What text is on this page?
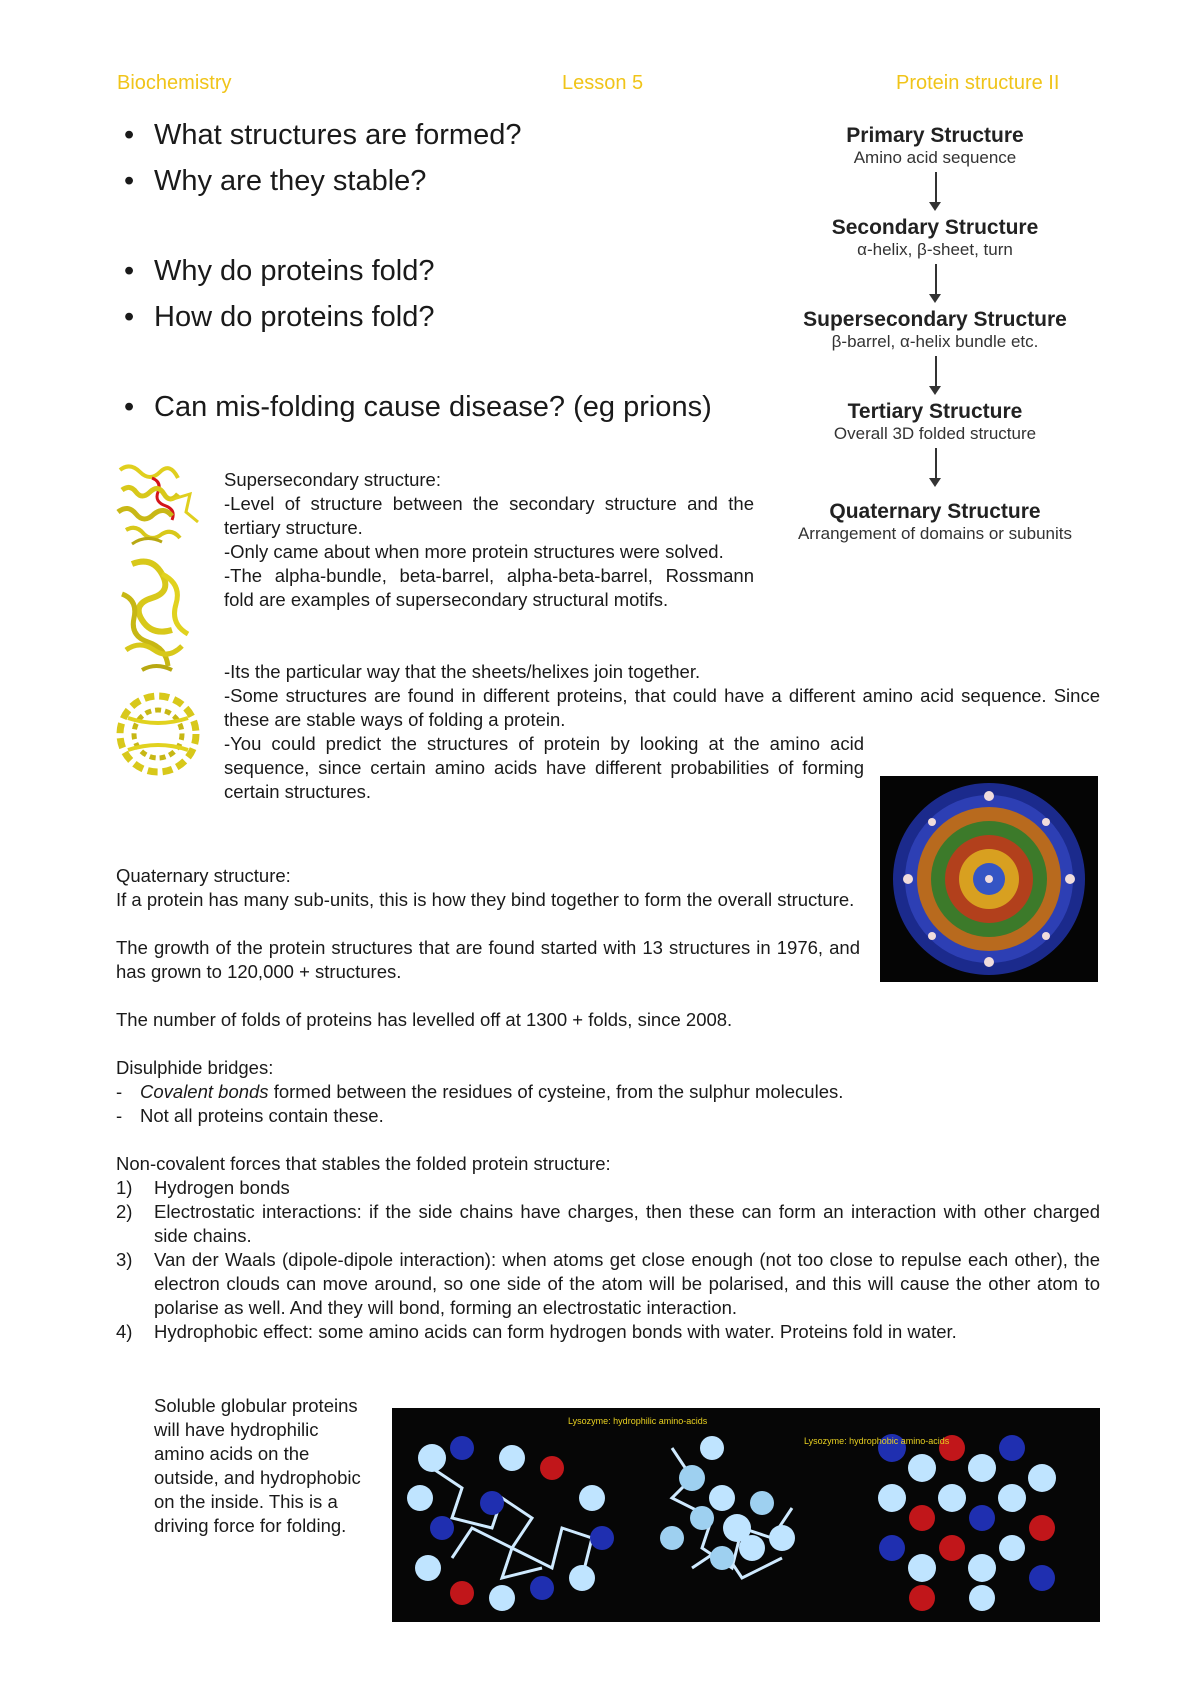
Biochemistry	Lesson 5	Protein structure II
• What structures are formed?
• Why are they stable?
• Why do proteins fold?
• How do proteins fold?
• Can mis-folding cause disease? (eg prions)
Primary Structure
Amino acid sequence
Secondary Structure
α-helix, β-sheet, turn
Supersecondary Structure
β-barrel, α-helix bundle etc.
Tertiary Structure
Overall 3D folded structure
Quaternary Structure
Arrangement of domains or subunits

Supersecondary structure:

-Level of structure between the secondary structure and the tertiary structure.

-Only came about when more protein structures were solved.

-The alpha-bundle, beta-barrel, alpha-beta-barrel, Rossmann fold are examples of supersecondary structural motifs.

-Its the particular way that the sheets/helixes join together.

-Some structures are found in different proteins, that could have a different amino acid sequence. Since these are stable ways of folding a protein.

-You could predict the structures of protein by looking at the amino acid sequence, since certain amino acids have different probabilities of forming certain structures.

Quaternary structure:

If a protein has many sub-units, this is how they bind together to form the overall structure.

The growth of the protein structures that are found started with 13 structures in 1976, and has grown to 120,000 + structures.

The number of folds of proteins has levelled off at 1300 + folds, since 2008.

Disulphide bridges:

- Covalent bonds formed between the residues of cysteine, from the sulphur molecules.

- Not all proteins contain these.

Non-covalent forces that stables the folded protein structure:

1) Hydrogen bonds
2) Electrostatic interactions: if the side chains have charges, then these can form an interaction with other charged side chains.
3) Van der Waals (dipole-dipole interaction): when atoms get close enough (not too close to repulse each other), the electron clouds can move around, so one side of the atom will be polarised, and this will cause the other atom to polarise as well. And they will bond, forming an electrostatic interaction.
4) Hydrophobic effect: some amino acids can form hydrogen bonds with water. Proteins fold in water.

Soluble globular proteins will have hydrophilic amino acids on the outside, and hydrophobic on the inside. This is a driving force for folding.

Lysozyme: hydrophilic amino-acids
Lysozyme: hydrophobic amino-acids
